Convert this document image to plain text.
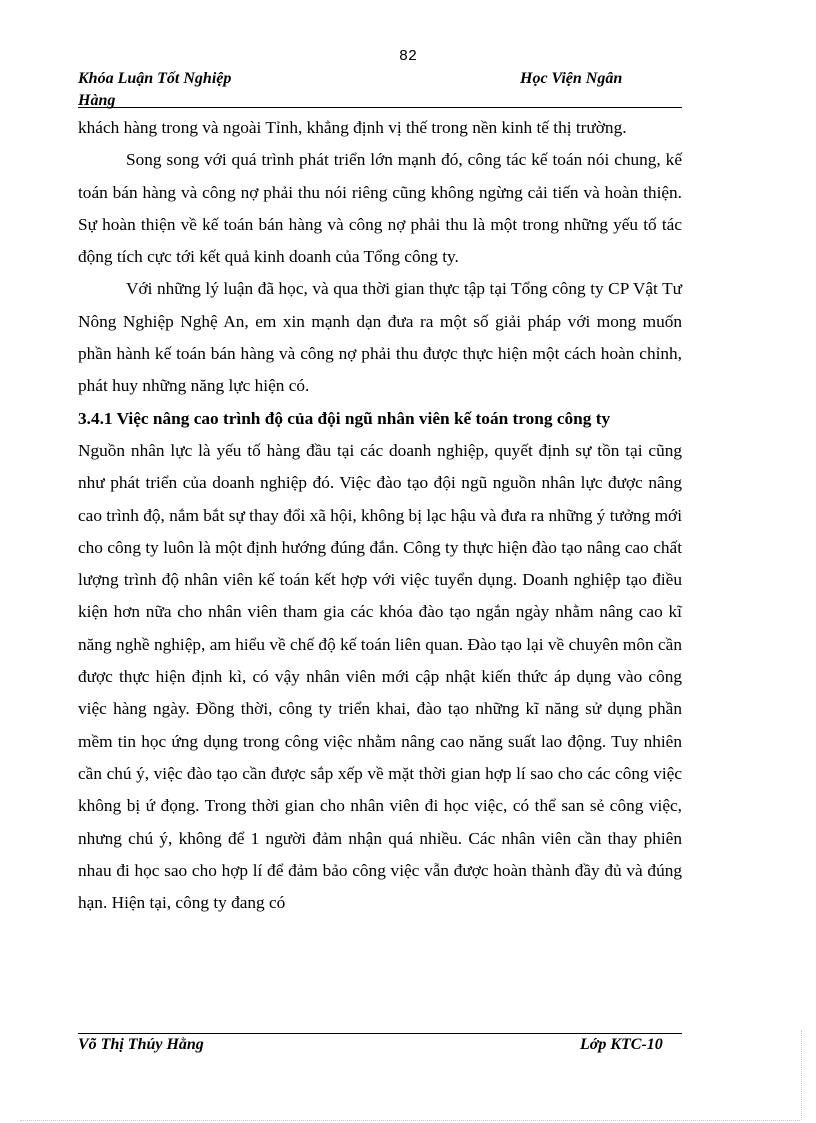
82
Khóa Luận Tốt Nghiệp
Hàng
Học Viện Ngân

khách hàng trong và ngoài Tỉnh, khẳng định vị thế trong nền kinh tế thị trường.

Song song với quá trình phát triển lớn mạnh đó, công tác kế toán nói chung, kế toán bán hàng và công nợ phải thu nói riêng cũng không ngừng cải tiến và hoàn thiện. Sự hoàn thiện về kế toán bán hàng và công nợ phải thu là một trong những yếu tố tác động tích cực tới kết quả kinh doanh của Tổng công ty.

Với những lý luận đã học, và qua thời gian thực tập tại Tổng công ty CP Vật Tư Nông Nghiệp Nghệ An, em xin mạnh dạn đưa ra một số giải pháp với mong muốn phần hành kế toán bán hàng và công nợ phải thu được thực hiện một cách hoàn chỉnh, phát huy những năng lực hiện có.

3.4.1 Việc nâng cao trình độ của đội ngũ nhân viên kế toán trong công ty

Nguồn nhân lực là yếu tố hàng đầu tại các doanh nghiệp, quyết định sự tồn tại cũng như phát triển của doanh nghiệp đó. Việc đào tạo đội ngũ nguồn nhân lực được nâng cao trình độ, nắm bắt sự thay đổi xã hội, không bị lạc hậu và đưa ra những ý tưởng mới cho công ty luôn là một định hướng đúng đắn. Công ty thực hiện đào tạo nâng cao chất lượng trình độ nhân viên kế toán kết hợp với việc tuyển dụng. Doanh nghiệp tạo điều kiện hơn nữa cho nhân viên tham gia các khóa đào tạo ngắn ngày nhằm nâng cao kĩ năng nghề nghiệp, am hiểu về chế độ kế toán liên quan. Đào tạo lại về chuyên môn cần được thực hiện định kì, có vậy nhân viên mới cập nhật kiến thức áp dụng vào công việc hàng ngày. Đồng thời, công ty triển khai, đào tạo những kĩ năng sử dụng phần mềm tin học ứng dụng trong công việc nhằm nâng cao năng suất lao động. Tuy nhiên cần chú ý, việc đào tạo cần được sắp xếp về mặt thời gian hợp lí sao cho các công việc không bị ứ đọng. Trong thời gian cho nhân viên đi học việc, có thể san sẻ công việc, nhưng chú ý, không để 1 người đảm nhận quá nhiều. Các nhân viên cần thay phiên nhau đi học sao cho hợp lí để đảm bảo công việc vẫn được hoàn thành đầy đủ và đúng hạn. Hiện tại, công ty đang có

Võ Thị Thúy Hằng	Lớp KTC-10
